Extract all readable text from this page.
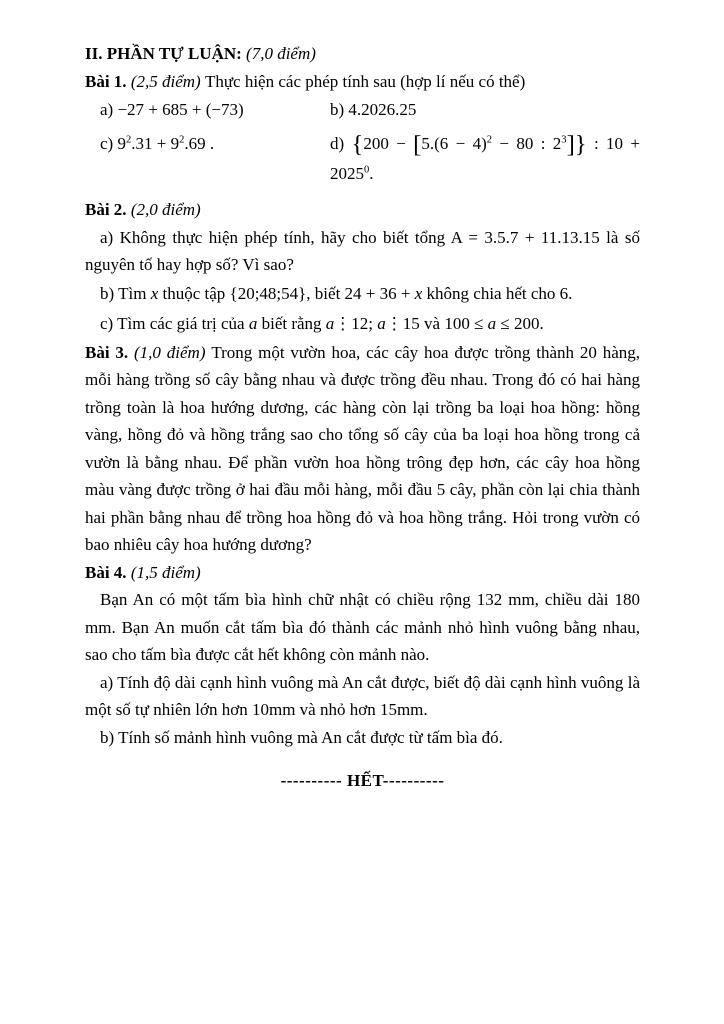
II. PHẦN TỰ LUẬN: (7,0 điểm)

Bài 1. (2,5 điểm) Thực hiện các phép tính sau (hợp lí nếu có thể)

a) −27 + 685 + (−73)	b) 4.2026.25

c) $9^2.31 + 9^2.69$ .	d) {$200 - [5.(6 - 4)^2 - 80$ : $2^3$]} : $10 + 2025^0$.

Bài 2. (2,0 điểm)

a) Không thực hiện phép tính, hãy cho biết tổng A = 3.5.7 + 11.13.15 là số nguyên tố hay hợp số? Vì sao?

b) Tìm x thuộc tập {20;48;54}, biết 24 + 36 + x không chia hết cho 6.

c) Tìm các giá trị của a biết rằng a⋮12; a⋮15 và 100 ≤ a ≤ 200.

Bài 3. (1,0 điểm) Trong một vườn hoa, các cây hoa được trồng thành 20 hàng, mỗi hàng trồng số cây bằng nhau và được trồng đều nhau. Trong đó có hai hàng trồng toàn là hoa hướng dương, các hàng còn lại trồng ba loại hoa hồng: hồng vàng, hồng đỏ và hồng trắng sao cho tổng số cây của ba loại hoa hồng trong cả vườn là bằng nhau. Để phần vườn hoa hồng trông đẹp hơn, các cây hoa hồng màu vàng được trồng ở hai đầu mỗi hàng, mỗi đầu 5 cây, phần còn lại chia thành hai phần bằng nhau để trồng hoa hồng đỏ và hoa hồng trắng. Hỏi trong vườn có bao nhiêu cây hoa hướng dương?

Bài 4. (1,5 điểm)

Bạn An có một tấm bìa hình chữ nhật có chiều rộng 132 mm, chiều dài 180 mm. Bạn An muốn cắt tấm bìa đó thành các mảnh nhỏ hình vuông bằng nhau, sao cho tấm bìa được cắt hết không còn mảnh nào.

a) Tính độ dài cạnh hình vuông mà An cắt được, biết độ dài cạnh hình vuông là một số tự nhiên lớn hơn 10mm và nhỏ hơn 15mm.

b) Tính số mảnh hình vuông mà An cắt được từ tấm bìa đó.

---------- HẾT----------
